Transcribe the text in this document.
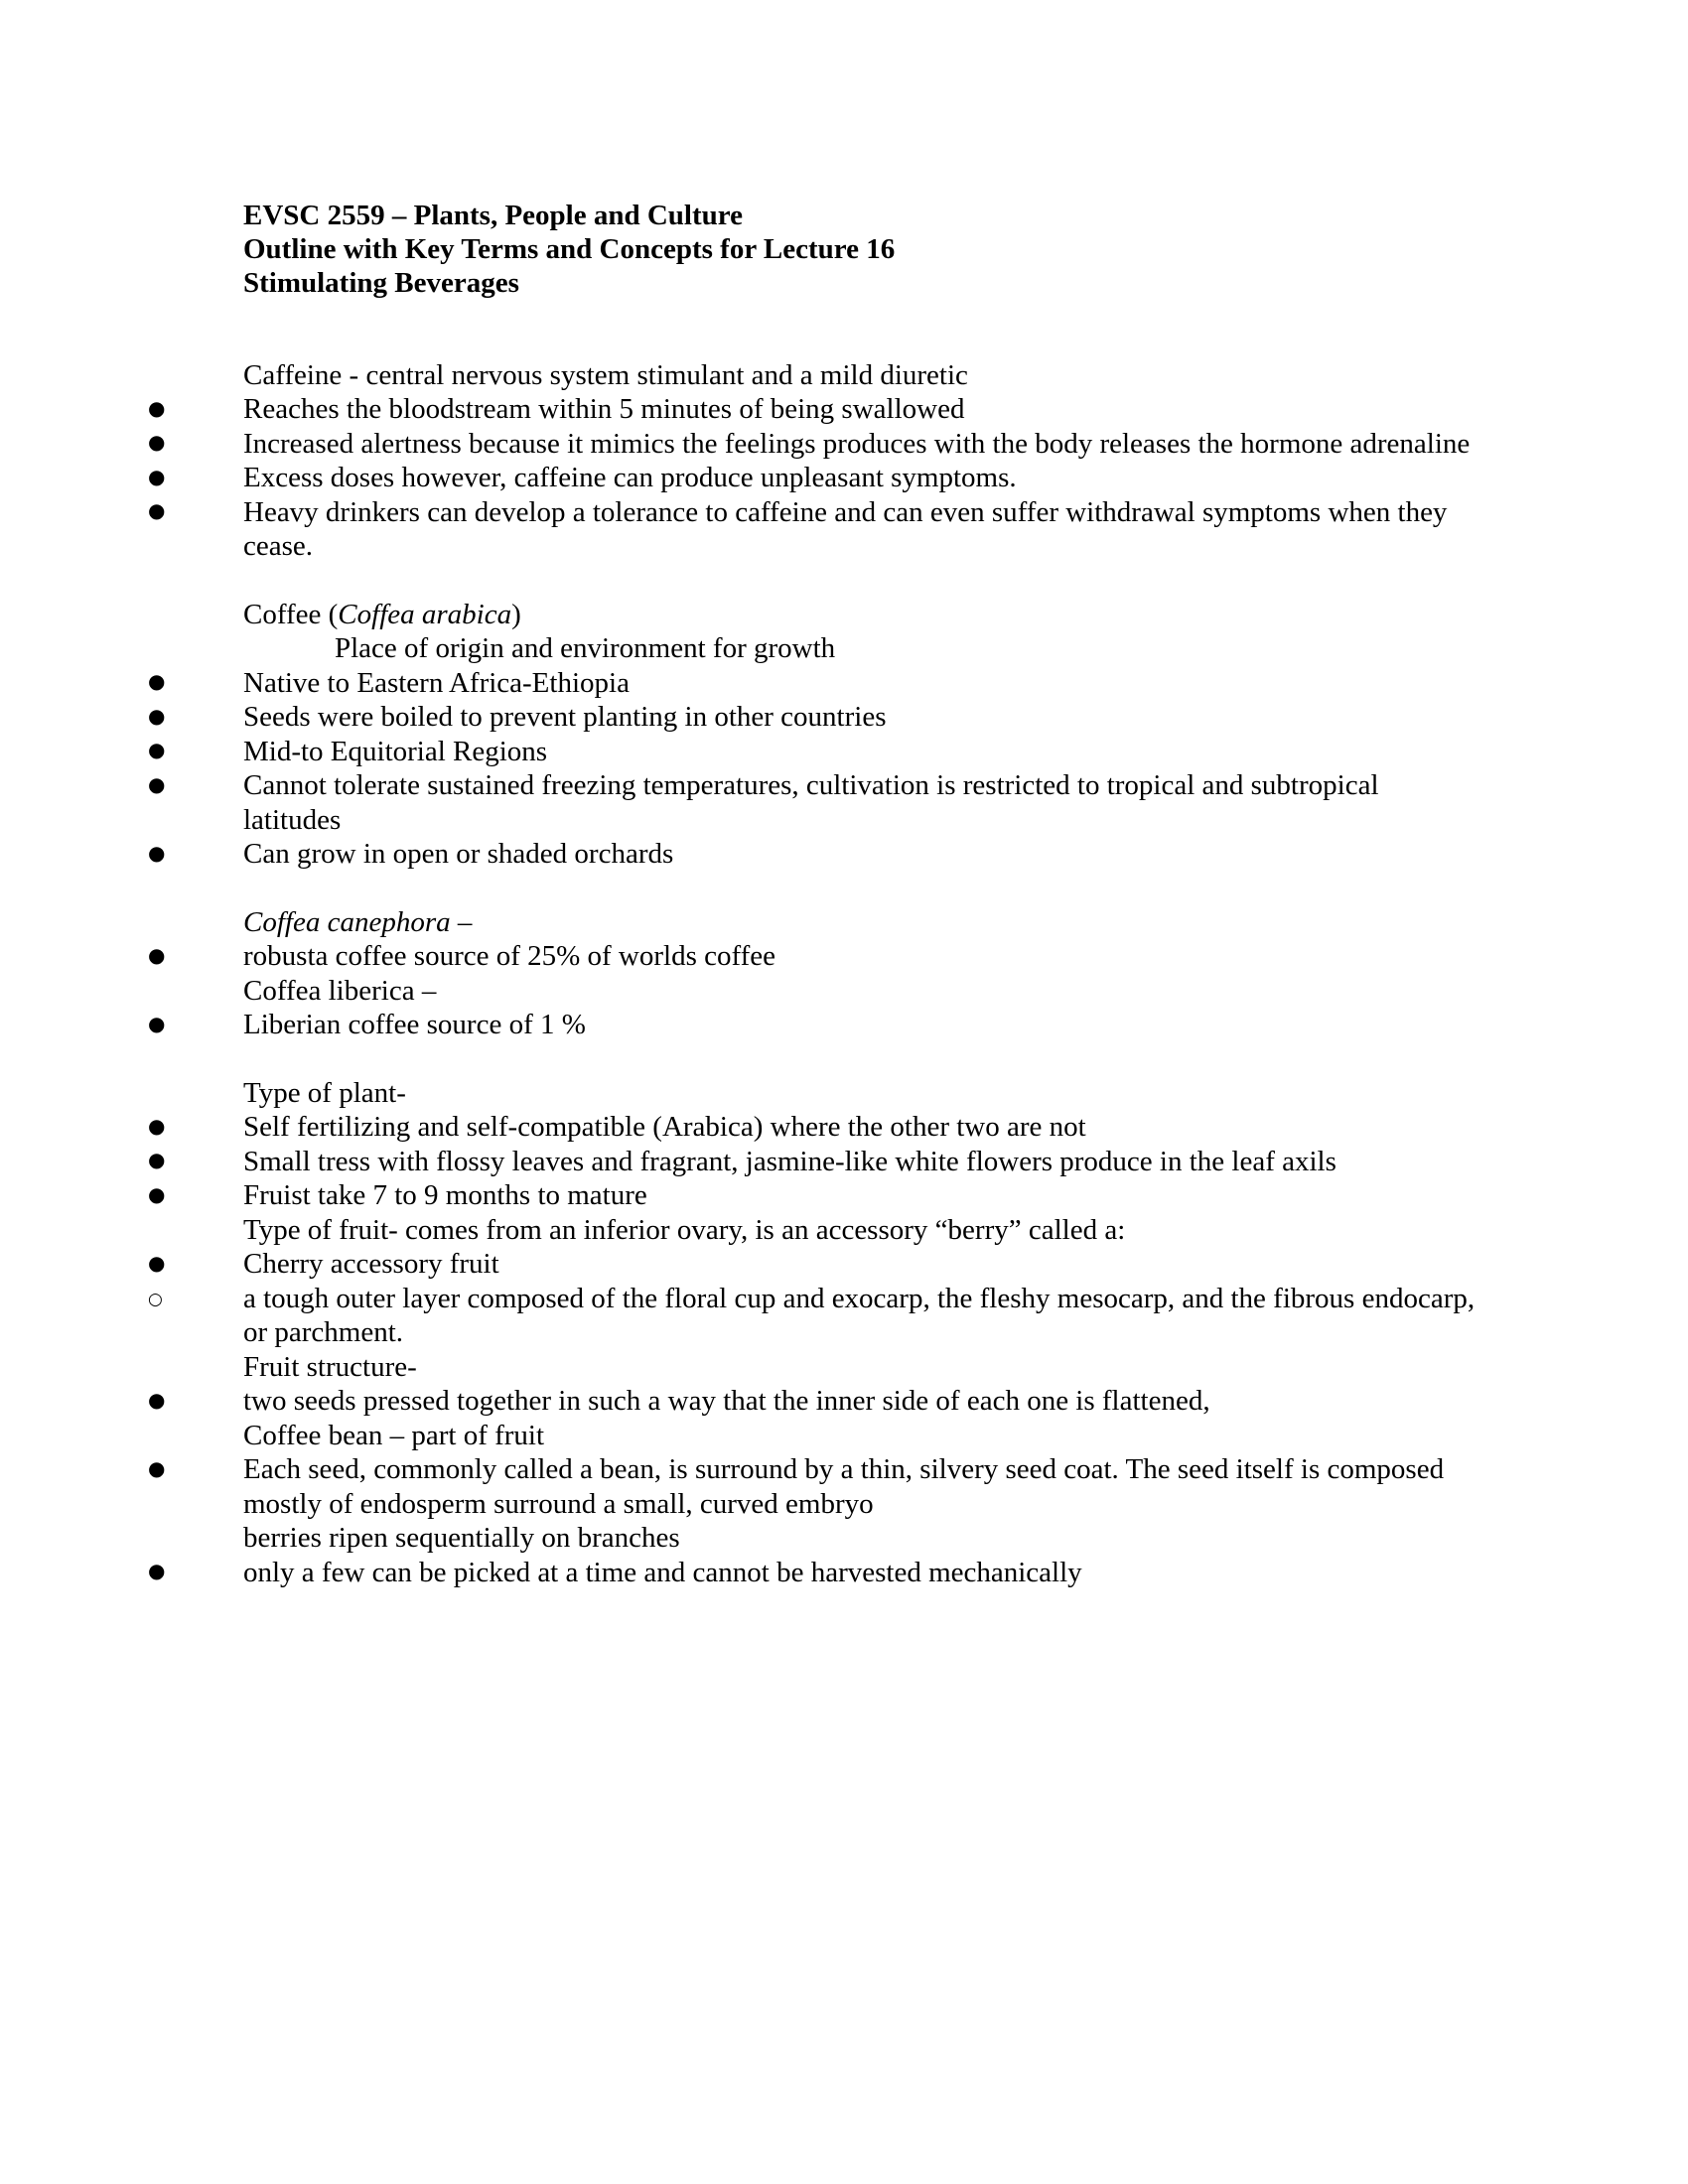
EVSC 2559 – Plants, People and Culture
Outline with Key Terms and Concepts for Lecture 16
Stimulating Beverages

Caffeine - central nervous system stimulant and a mild diuretic

●	Reaches the bloodstream within 5 minutes of being swallowed
●	Increased alertness because it mimics the feelings produces with the body releases the hormone adrenaline
●	Excess doses however, caffeine can produce unpleasant symptoms.
●	Heavy drinkers can develop a tolerance to caffeine and can even suffer withdrawal symptoms when they cease.

Coffee (Coffea arabica)

Place of origin and environment for growth

●	Native to Eastern Africa-Ethiopia
●	Seeds were boiled to prevent planting in other countries
●	Mid-to Equitorial Regions
●	Cannot tolerate sustained freezing temperatures, cultivation is restricted to tropical and subtropical latitudes
●	Can grow in open or shaded orchards

Coffea canephora –

●	robusta coffee source of 25% of worlds coffee

Coffea liberica –

●	Liberian coffee source of 1 %

Type of plant-

●	Self fertilizing and self-compatible (Arabica) where the other two are not
●	Small tress with flossy leaves and fragrant, jasmine-like white flowers produce in the leaf axils
●	Fruist take 7 to 9 months to mature

Type of fruit- comes from an inferior ovary, is an accessory “berry” called a:

●	Cherry accessory fruit
○	a tough outer layer composed of the floral cup and exocarp, the fleshy mesocarp, and the fibrous endocarp, or parchment.

Fruit structure-

●	two seeds pressed together in such a way that the inner side of each one is flattened,

Coffee bean – part of fruit

●	Each seed, commonly called a bean, is surround by a thin, silvery seed coat. The seed itself is composed mostly of endosperm surround a small, curved embryo

berries ripen sequentially on branches

●	only a few can be picked at a time and cannot be harvested mechanically
